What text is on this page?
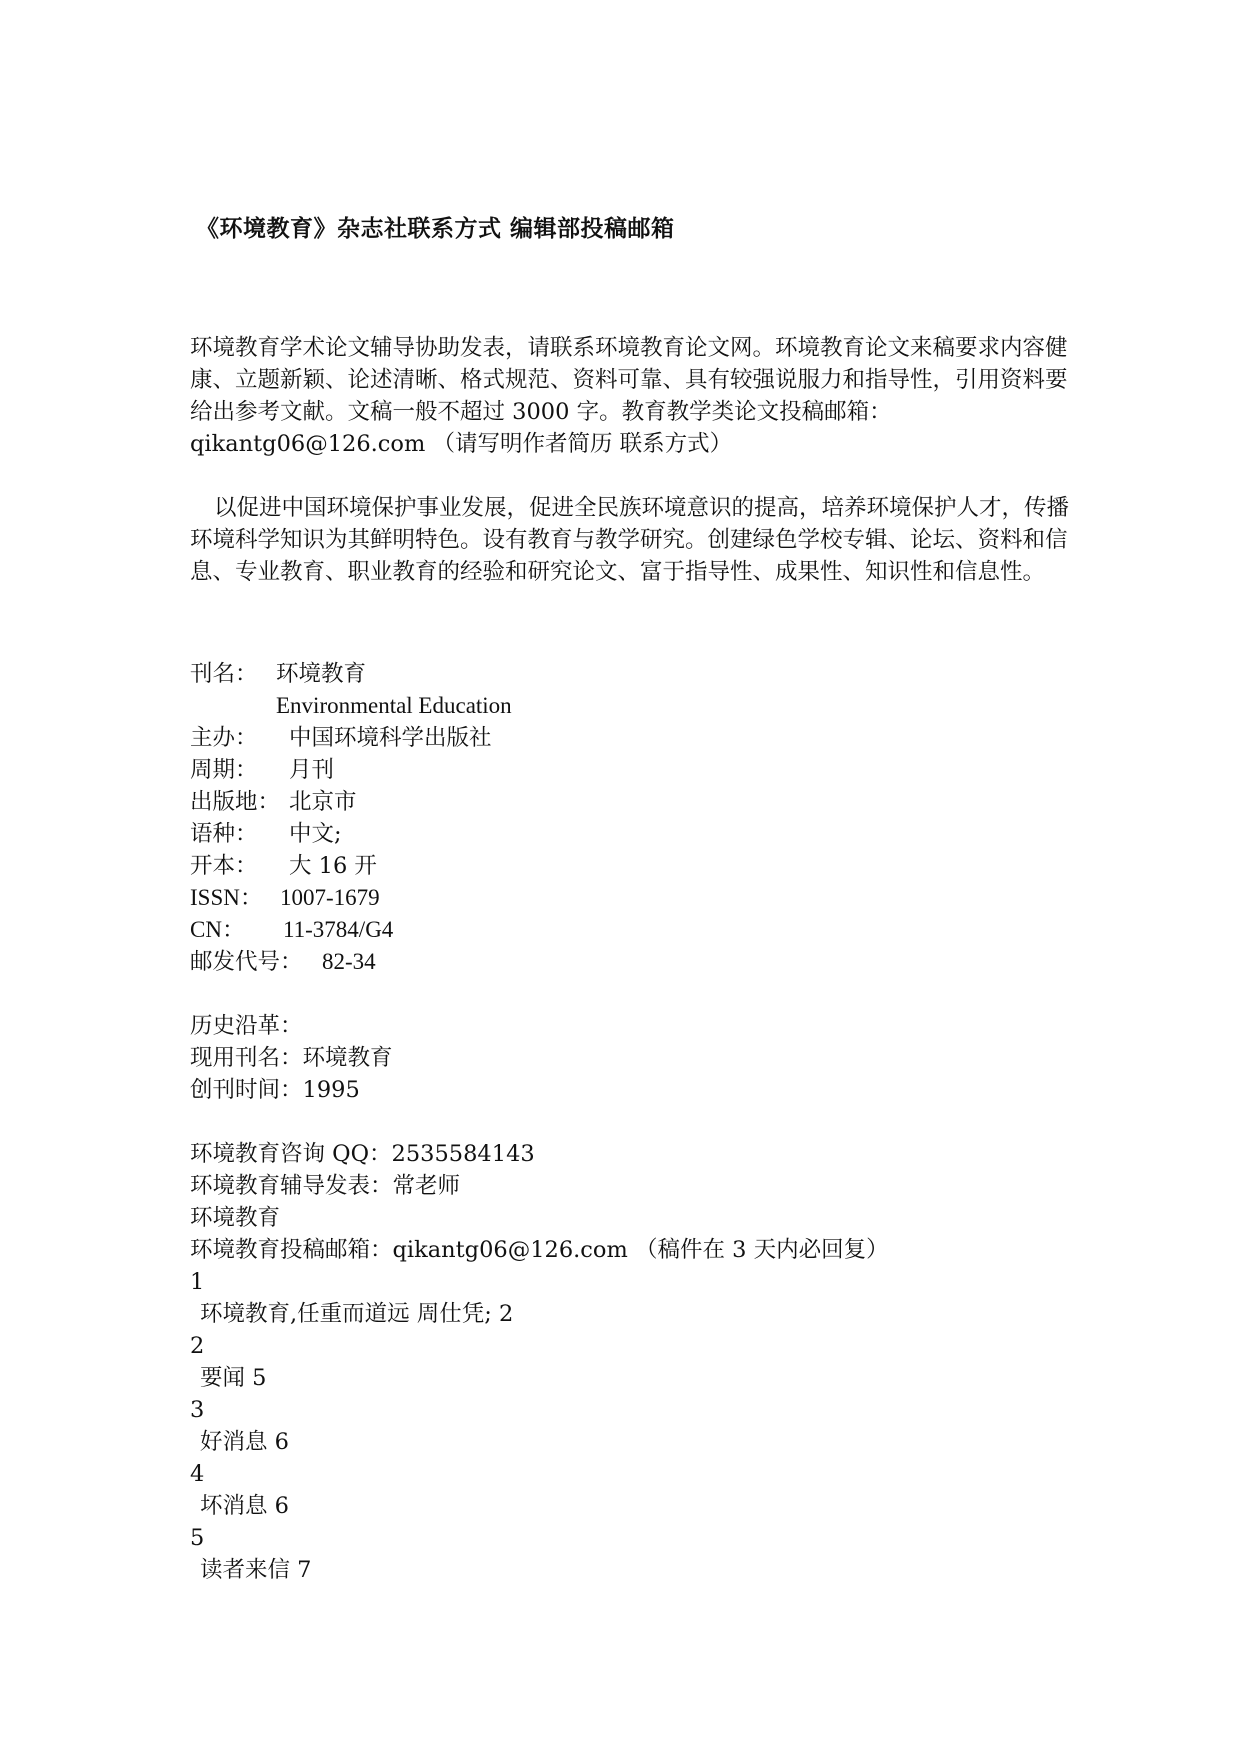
《环境教育》杂志社联系方式 编辑部投稿邮箱

环境教育学术论文辅导协助发表，请联系环境教育论文网。环境教育论文来稿要求内容健康、立题新颖、论述清晰、格式规范、资料可靠、具有较强说服力和指导性，引用资料要给出参考文献。文稿一般不超过 3000 字。教育教学类论文投稿邮箱：qikantg06@126.com （请写明作者简历 联系方式）

以促进中国环境保护事业发展，促进全民族环境意识的提高，培养环境保护人才，传播环境科学知识为其鲜明特色。设有教育与教学研究。创建绿色学校专辑、论坛、资料和信息、专业教育、职业教育的经验和研究论文、富于指导性、成果性、知识性和信息性。

刊名： 环境教育
Environmental Education
主办： 中国环境科学出版社
周期： 月刊
出版地： 北京市
语种： 中文;
开本： 大 16 开
ISSN： 1007-1679
CN： 11-3784/G4
邮发代号： 82-34
历史沿革：
现用刊名：环境教育
创刊时间：1995
环境教育咨询 QQ：2535584143
环境教育辅导发表：常老师
环境教育
环境教育投稿邮箱：qikantg06@126.com （稿件在 3 天内必回复）
1
环境教育,任重而道远 周仕凭; 2
2
要闻 5
3
好消息 6
4
坏消息 6
5
读者来信 7
